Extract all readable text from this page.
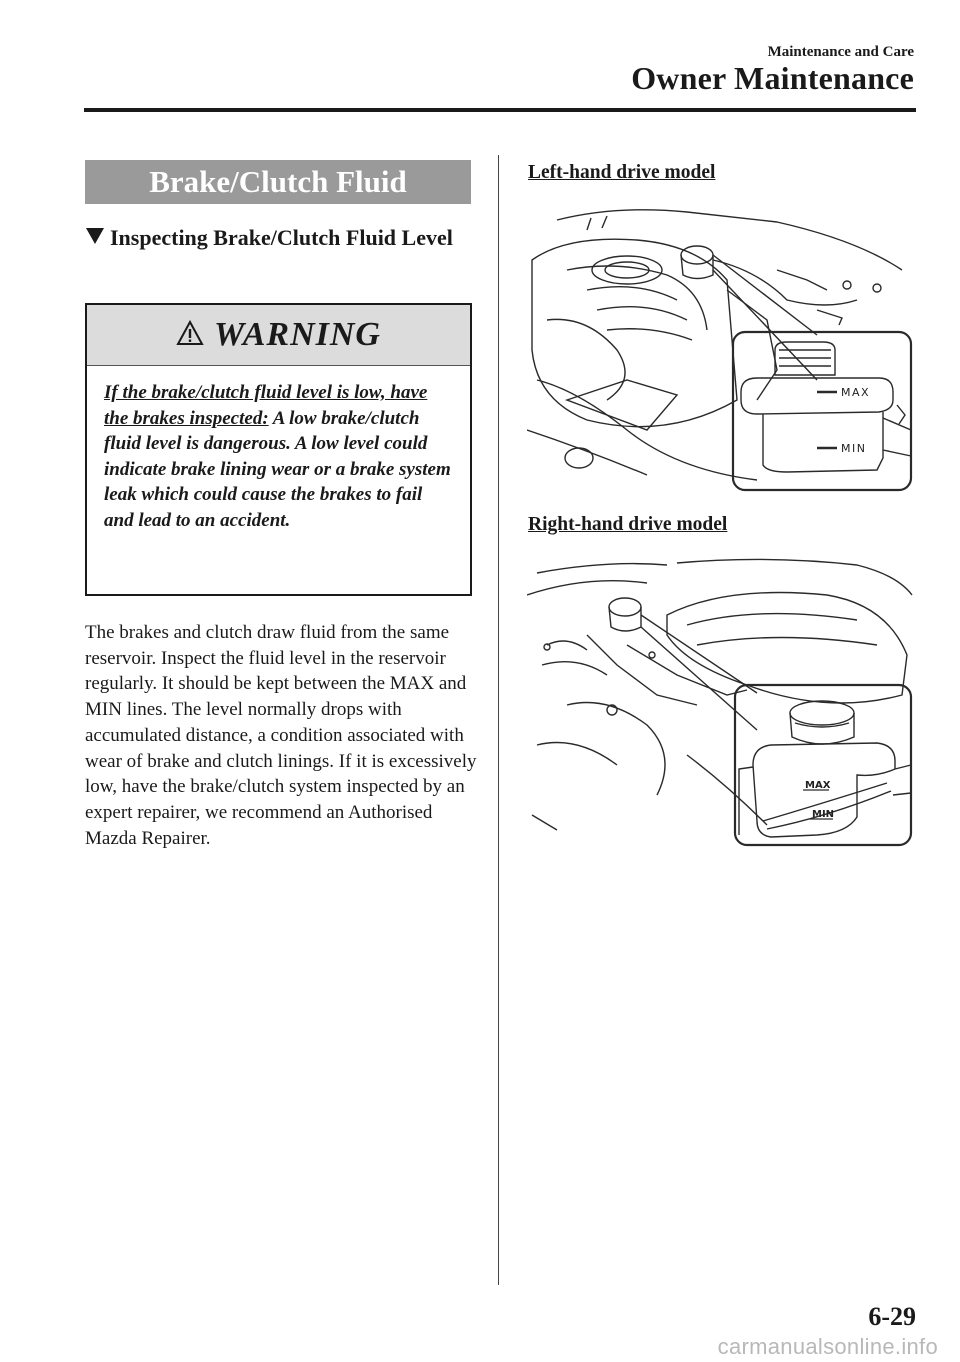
Maintenance and Care
Owner Maintenance
Brake/Clutch Fluid
Inspecting Brake/Clutch Fluid Level
WARNING
If the brake/clutch fluid level is low, have the brakes inspected: A low brake/clutch fluid level is dangerous. A low level could indicate brake lining wear or a brake system leak which could cause the brakes to fail and lead to an accident.

The brakes and clutch draw fluid from the same reservoir. Inspect the fluid level in the reservoir regularly. It should be kept between the MAX and MIN lines. The level normally drops with accumulated distance, a condition associated with wear of brake and clutch linings. If it is excessively low, have the brake/clutch system inspected by an expert repairer, we recommend an Authorised Mazda Repairer.

Left-hand drive model
MAX
MIN
Right-hand drive model
MAX
MIN
6-29
carmanualsonline.info
